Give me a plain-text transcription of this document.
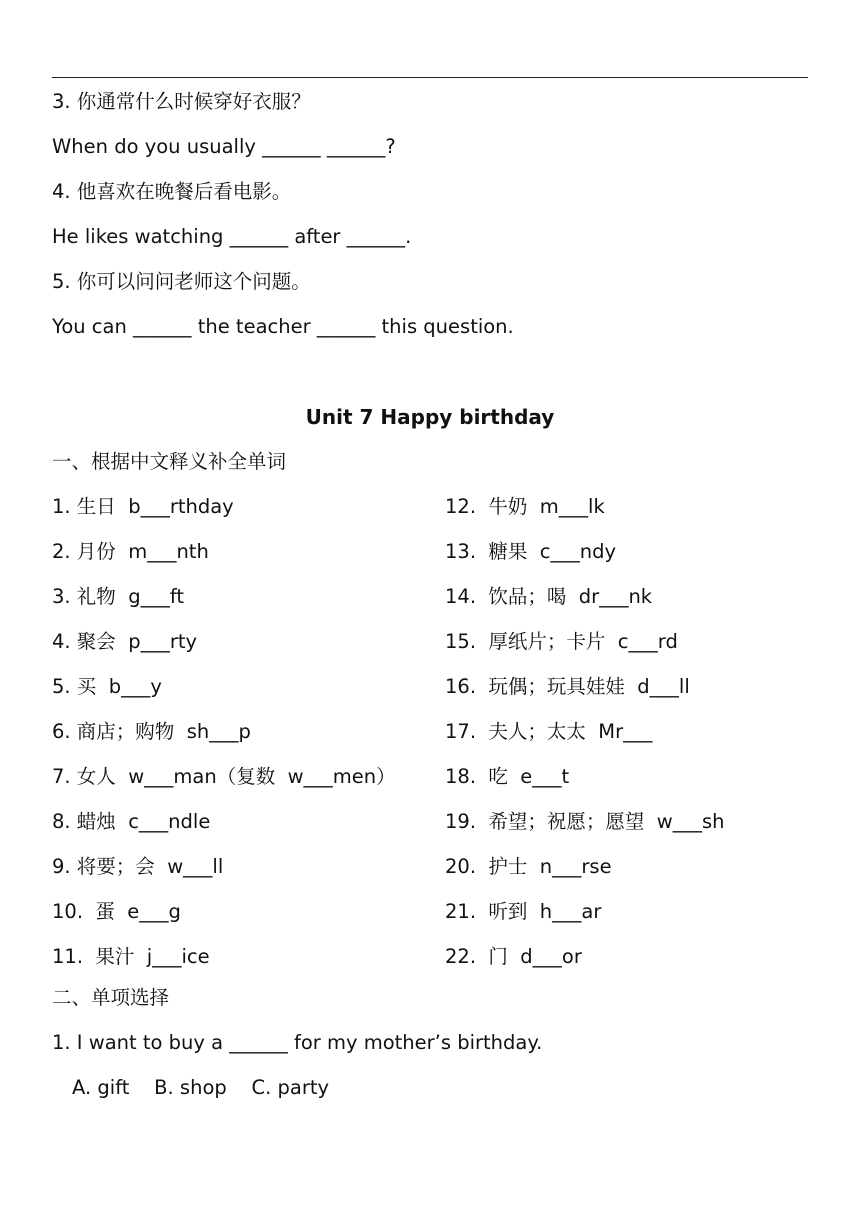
3. 你通常什么时候穿好衣服？
When do you usually ______ ______?
4. 他喜欢在晚餐后看电影。
He likes watching ______ after ______.
5. 你可以问问老师这个问题。
You can ______ the teacher ______ this question.
Unit 7 Happy birthday
一、根据中文释义补全单词
1. 生日  b___rthday
2. 月份  m___nth
3. 礼物  g___ft
4. 聚会  p___rty
5. 买  b___y
6. 商店；购物  sh___p
7. 女人  w___man（复数  w___men）
8. 蜡烛  c___ndle
9. 将要；会  w___ll
10.  蛋  e___g
11.  果汁  j___ice
12.  牛奶  m___lk
13.  糖果  c___ndy
14.  饮品；喝  dr___nk
15.  厚纸片；卡片  c___rd
16.  玩偶；玩具娃娃  d___ll
17.  夫人；太太  Mr___
18.  吃  e___t
19.  希望；祝愿；愿望  w___sh
20.  护士  n___rse
21.  听到  h___ar
22.  门  d___or
二、单项选择
1. I want to buy a ______ for my mother’s birthday.
A. gift    B. shop    C. party
